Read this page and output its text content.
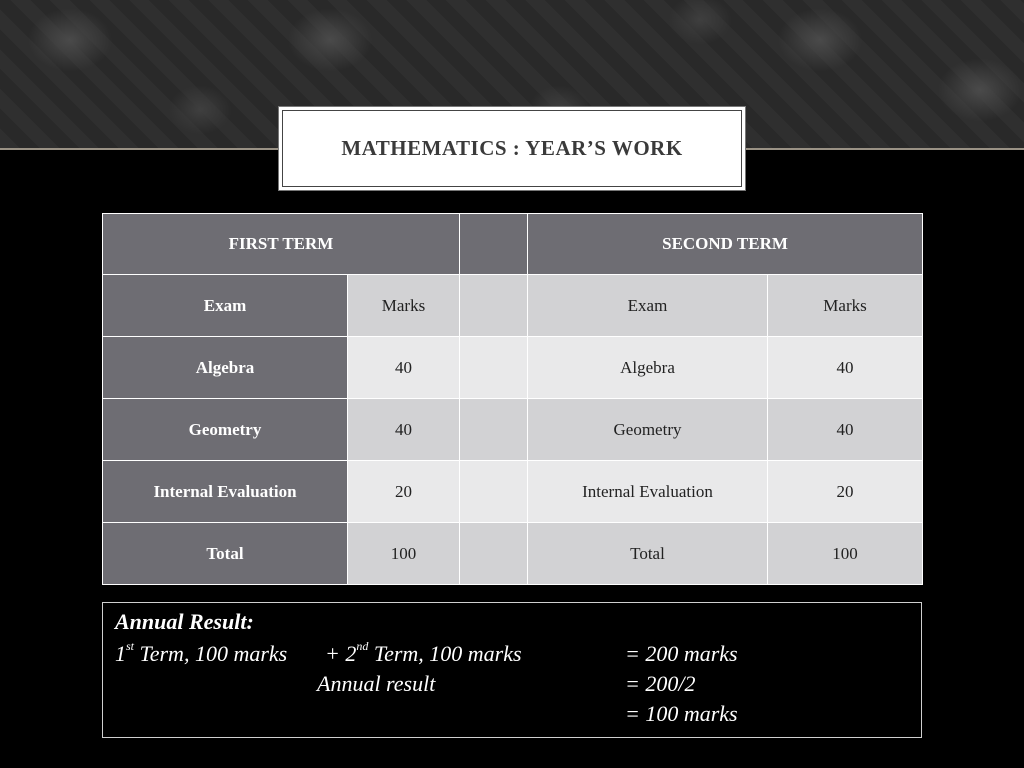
MATHEMATICS : YEAR’S WORK
FIRST TERM			SECOND TERM	
Exam	Marks		Exam	Marks
Algebra	40		Algebra	40
Geometry	40		Geometry	40
Internal Evaluation	20		Internal Evaluation	20
Total	100		Total	100
Annual Result:
1st Term, 100 marks + 2nd Term, 100 marks	= 200 marks
Annual result	= 200/2
= 100 marks
